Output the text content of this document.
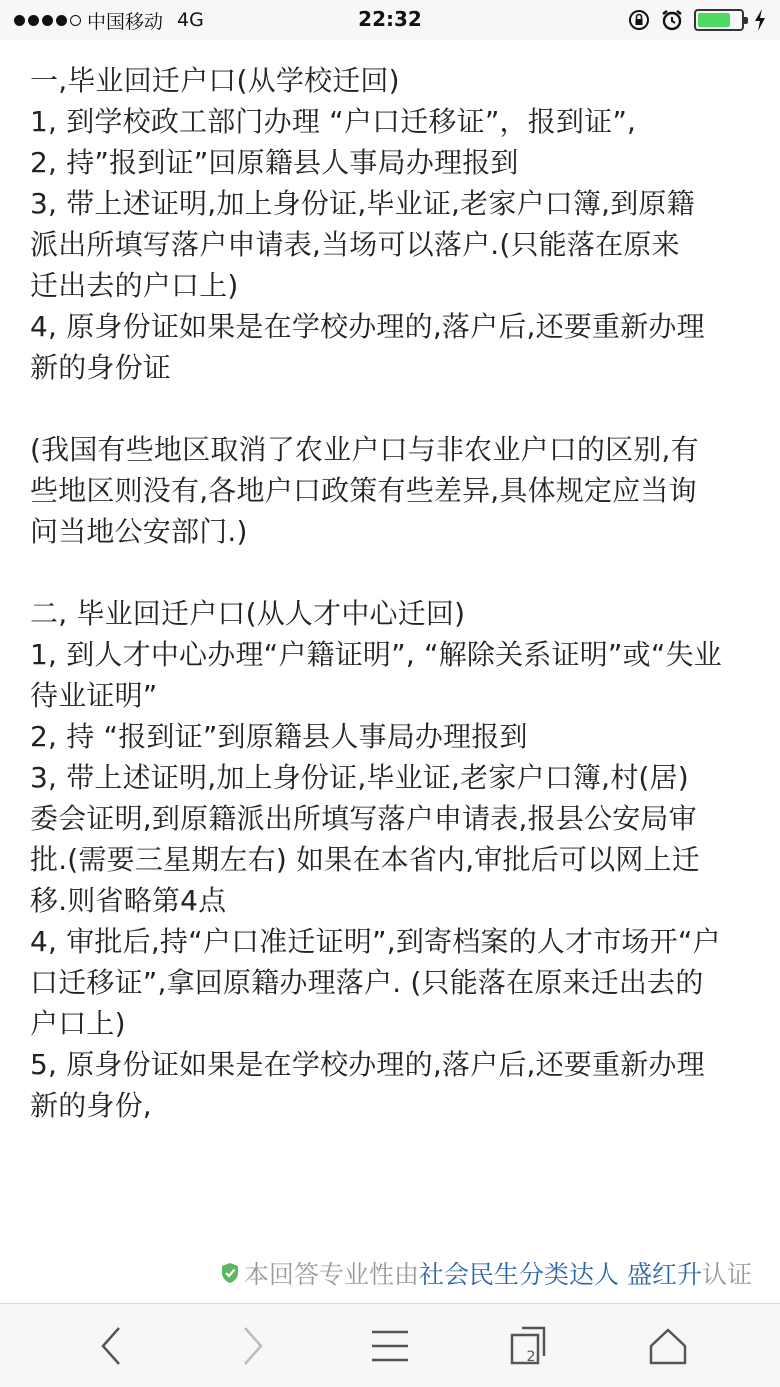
中国移动 4G	22:32
一,毕业回迁户口(从学校迁回)
1, 到学校政工部门办理 “户口迁移证”，报到证”,
2, 持”报到证”回原籍县人事局办理报到
3, 带上述证明,加上身份证,毕业证,老家户口簿,到原籍
派出所填写落户申请表,当场可以落户.(只能落在原来
迁出去的户口上)
4, 原身份证如果是在学校办理的,落户后,还要重新办理
新的身份证
(我国有些地区取消了农业户口与非农业户口的区别,有
些地区则没有,各地户口政策有些差异,具体规定应当询
问当地公安部门.)
二, 毕业回迁户口(从人才中心迁回)
1, 到人才中心办理“户籍证明”, “解除关系证明”或“失业
待业证明”
2, 持 “报到证”到原籍县人事局办理报到
3, 带上述证明,加上身份证,毕业证,老家户口簿,村(居)
委会证明,到原籍派出所填写落户申请表,报县公安局审
批.(需要三星期左右) 如果在本省内,审批后可以网上迁
移.则省略第4点
4, 审批后,持“户口准迁证明”,到寄档案的人才市场开“户
口迁移证”,拿回原籍办理落户. (只能落在原来迁出去的
户口上)
5, 原身份证如果是在学校办理的,落户后,还要重新办理
新的身份,
本回答专业性由 社会民生分类达人
盛红升 认证
2
